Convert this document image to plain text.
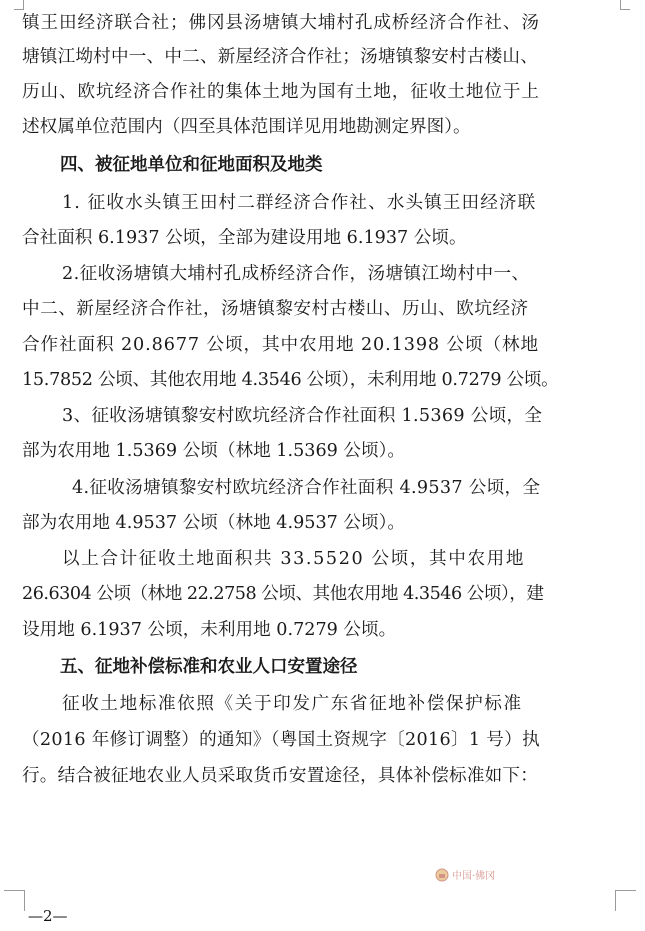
镇王田经济联合社；佛冈县汤塘镇大埔村孔成桥经济合作社、汤

塘镇江坳村中一、中二、新屋经济合作社；汤塘镇黎安村古楼山、

历山、欧坑经济合作社的集体土地为国有土地，征收土地位于上

述权属单位范围内（四至具体范围详见用地勘测定界图）。

四、被征地单位和征地面积及地类

1. 征收水头镇王田村二群经济合作社、水头镇王田经济联

合社面积 6.1937 公顷，全部为建设用地 6.1937 公顷。

2.征收汤塘镇大埔村孔成桥经济合作，汤塘镇江坳村中一、

中二、新屋经济合作社，汤塘镇黎安村古楼山、历山、欧坑经济

合作社面积 20.8677 公顷，其中农用地 20.1398 公顷（林地

15.7852 公顷、其他农用地 4.3546 公顷），未利用地 0.7279 公顷。

3、征收汤塘镇黎安村欧坑经济合作社面积 1.5369 公顷，全

部为农用地 1.5369 公顷（林地 1.5369 公顷）。

4.征收汤塘镇黎安村欧坑经济合作社面积 4.9537 公顷，全

部为农用地 4.9537 公顷（林地 4.9537 公顷）。

以上合计征收土地面积共 33.5520 公顷，其中农用地

26.6304 公顷（林地 22.2758 公顷、其他农用地 4.3546 公顷），建

设用地 6.1937 公顷，未利用地 0.7279 公顷。

五、征地补偿标准和农业人口安置途径

征收土地标准依照《关于印发广东省征地补偿保护标准

（2016 年修订调整）的通知》（粤国土资规字〔2016〕1 号）执

行。结合被征地农业人员采取货币安置途径，具体补偿标准如下：

中国·佛冈
—2—
